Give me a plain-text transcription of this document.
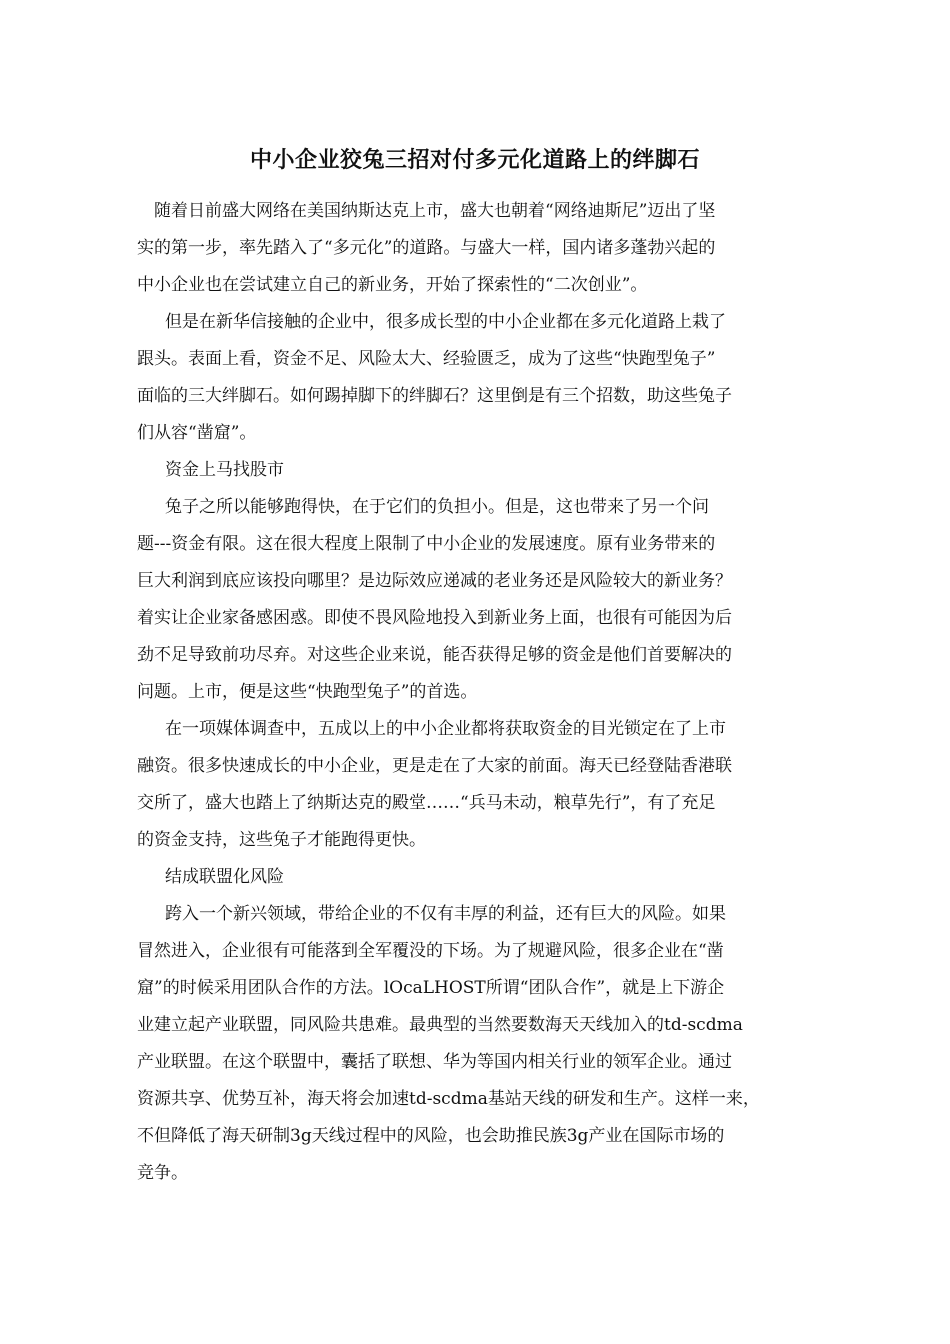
中小企业狡兔三招对付多元化道路上的绊脚石
随着日前盛大网络在美国纳斯达克上市，盛大也朝着“网络迪斯尼”迈出了坚
实的第一步，率先踏入了“多元化”的道路。与盛大一样，国内诸多蓬勃兴起的
中小企业也在尝试建立自己的新业务，开始了探索性的“二次创业”。
但是在新华信接触的企业中，很多成长型的中小企业都在多元化道路上栽了
跟头。表面上看，资金不足、风险太大、经验匮乏，成为了这些“快跑型兔子”
面临的三大绊脚石。如何踢掉脚下的绊脚石？这里倒是有三个招数，助这些兔子
们从容“凿窟”。
资金上马找股市
兔子之所以能够跑得快，在于它们的负担小。但是，这也带来了另一个问
题---资金有限。这在很大程度上限制了中小企业的发展速度。原有业务带来的
巨大利润到底应该投向哪里？是边际效应递减的老业务还是风险较大的新业务？
着实让企业家备感困惑。即使不畏风险地投入到新业务上面，也很有可能因为后
劲不足导致前功尽弃。对这些企业来说，能否获得足够的资金是他们首要解决的
问题。上市，便是这些“快跑型兔子”的首选。
在一项媒体调查中，五成以上的中小企业都将获取资金的目光锁定在了上市
融资。很多快速成长的中小企业，更是走在了大家的前面。海天已经登陆香港联
交所了，盛大也踏上了纳斯达克的殿堂……“兵马未动，粮草先行”，有了充足
的资金支持，这些兔子才能跑得更快。
结成联盟化风险
跨入一个新兴领域，带给企业的不仅有丰厚的利益，还有巨大的风险。如果
冒然进入，企业很有可能落到全军覆没的下场。为了规避风险，很多企业在“凿
窟”的时候采用团队合作的方法。lOcaLHOST所谓“团队合作”，就是上下游企
业建立起产业联盟，同风险共患难。最典型的当然要数海天天线加入的td-scdma
产业联盟。在这个联盟中，囊括了联想、华为等国内相关行业的领军企业。通过
资源共享、优势互补，海天将会加速td-scdma基站天线的研发和生产。这样一来，
不但降低了海天研制3g天线过程中的风险，也会助推民族3g产业在国际市场的
竞争。
